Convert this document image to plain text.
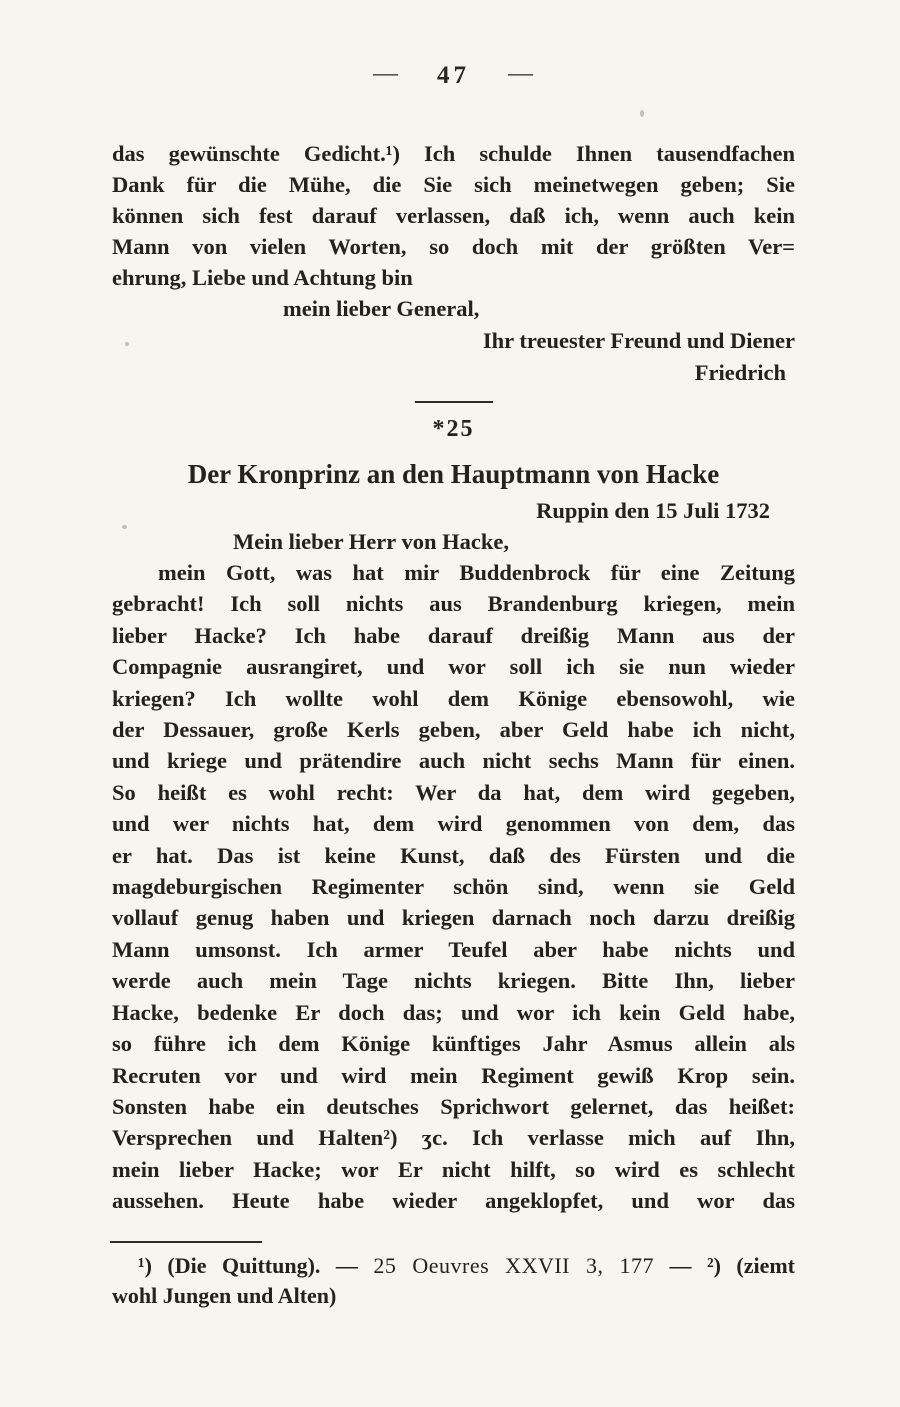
— 47 —
das gewünschte Gedicht.¹) Ich schulde Ihnen tausendfachen
Dank für die Mühe, die Sie sich meinetwegen geben; Sie
können sich fest darauf verlassen, daß ich, wenn auch kein
Mann von vielen Worten, so doch mit der größten Ver=
ehrung, Liebe und Achtung bin
mein lieber General,
Ihr treuester Freund und Diener
Friedrich
*25
Der Kronprinz an den Hauptmann von Hacke
Ruppin den 15 Juli 1732
Mein lieber Herr von Hacke,
mein Gott, was hat mir Buddenbrock für eine Zeitung
gebracht! Ich soll nichts aus Brandenburg kriegen, mein
lieber Hacke? Ich habe darauf dreißig Mann aus der
Compagnie ausrangiret, und wor soll ich sie nun wieder
kriegen? Ich wollte wohl dem Könige ebensowohl, wie
der Dessauer, große Kerls geben, aber Geld habe ich nicht,
und kriege und prätendire auch nicht sechs Mann für einen.
So heißt es wohl recht: Wer da hat, dem wird gegeben,
und wer nichts hat, dem wird genommen von dem, das
er hat. Das ist keine Kunst, daß des Fürsten und die
magdeburgischen Regimenter schön sind, wenn sie Geld
vollauf genug haben und kriegen darnach noch darzu dreißig
Mann umsonst. Ich armer Teufel aber habe nichts und
werde auch mein Tage nichts kriegen. Bitte Ihn, lieber
Hacke, bedenke Er doch das; und wor ich kein Geld habe,
so führe ich dem Könige künftiges Jahr Asmus allein als
Recruten vor und wird mein Regiment gewiß Krop sein.
Sonsten habe ein deutsches Sprichwort gelernet, das heißet:
Versprechen und Halten²) ʒc. Ich verlasse mich auf Ihn,
mein lieber Hacke; wor Er nicht hilft, so wird es schlecht
aussehen. Heute habe wieder angeklopfet, und wor das
¹) (Die Quittung). — 25 Oeuvres XXVII 3, 177 — ²) (ziemt
wohl Jungen und Alten)
